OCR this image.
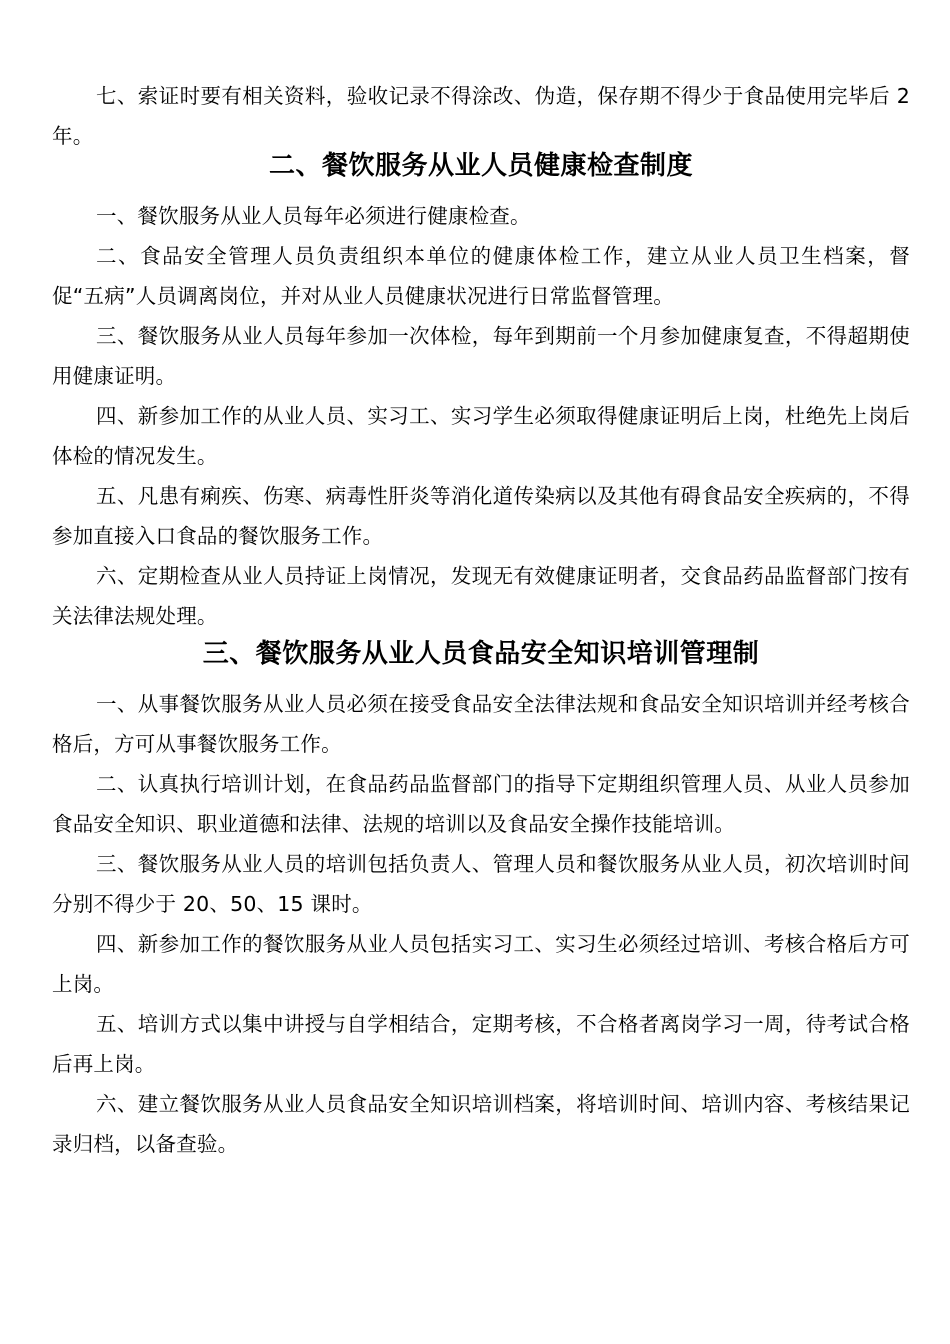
七、索证时要有相关资料，验收记录不得涂改、伪造，保存期不得少于食品使用完毕后 2 年。

二、餐饮服务从业人员健康检查制度

一、餐饮服务从业人员每年必须进行健康检查。

二、食品安全管理人员负责组织本单位的健康体检工作，建立从业人员卫生档案，督促“五病”人员调离岗位，并对从业人员健康状况进行日常监督管理。

三、餐饮服务从业人员每年参加一次体检，每年到期前一个月参加健康复查，不得超期使用健康证明。

四、新参加工作的从业人员、实习工、实习学生必须取得健康证明后上岗，杜绝先上岗后体检的情况发生。

五、凡患有痢疾、伤寒、病毒性肝炎等消化道传染病以及其他有碍食品安全疾病的，不得参加直接入口食品的餐饮服务工作。

六、定期检查从业人员持证上岗情况，发现无有效健康证明者，交食品药品监督部门按有关法律法规处理。

三、餐饮服务从业人员食品安全知识培训管理制

一、从事餐饮服务从业人员必须在接受食品安全法律法规和食品安全知识培训并经考核合格后，方可从事餐饮服务工作。

二、认真执行培训计划，在食品药品监督部门的指导下定期组织管理人员、从业人员参加食品安全知识、职业道德和法律、法规的培训以及食品安全操作技能培训。

三、餐饮服务从业人员的培训包括负责人、管理人员和餐饮服务从业人员，初次培训时间分别不得少于 20、50、15 课时。

四、新参加工作的餐饮服务从业人员包括实习工、实习生必须经过培训、考核合格后方可上岗。

五、培训方式以集中讲授与自学相结合，定期考核，不合格者离岗学习一周，待考试合格后再上岗。

六、建立餐饮服务从业人员食品安全知识培训档案，将培训时间、培训内容、考核结果记录归档，以备查验。
